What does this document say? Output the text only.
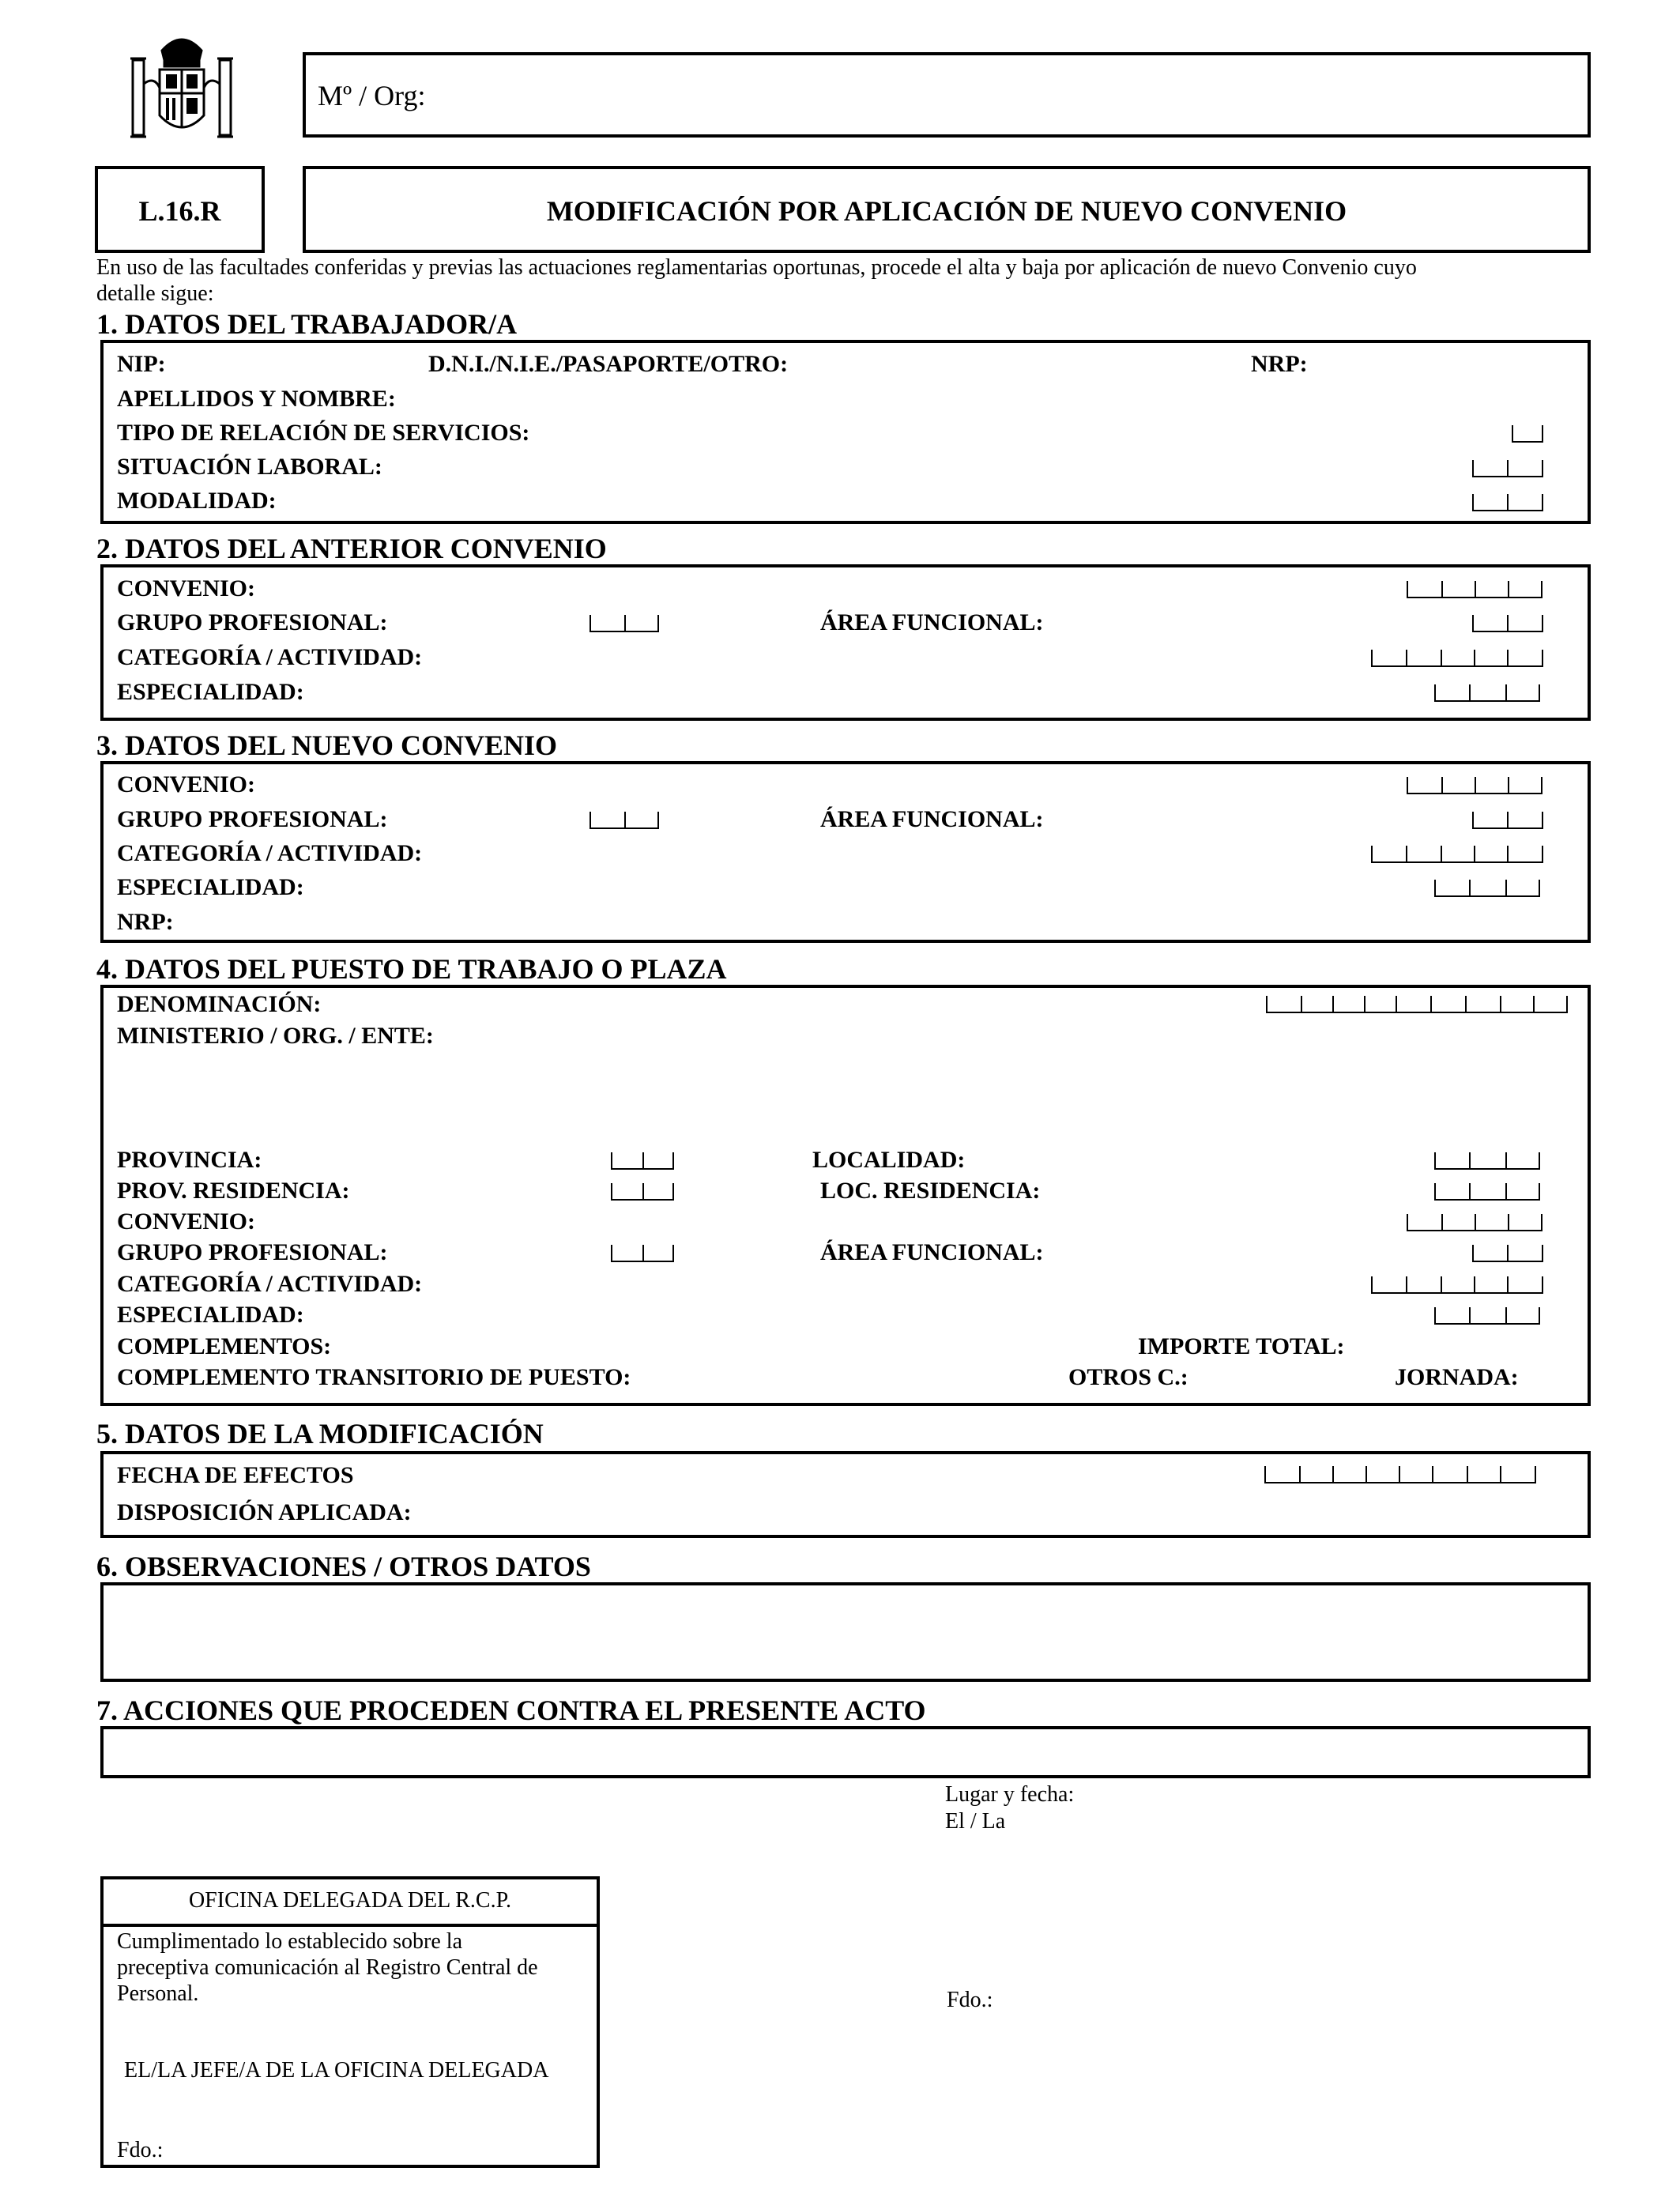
Mº / Org:
L.16.R	MODIFICACIÓN POR APLICACIÓN DE NUEVO CONVENIO
En uso de las facultades conferidas y previas las actuaciones reglamentarias oportunas, procede el alta y baja por aplicación de nuevo Convenio cuyo
detalle sigue:
1. DATOS DEL TRABAJADOR/A
NIP:	D.N.I./N.I.E./PASAPORTE/OTRO:	NRP:
APELLIDOS Y NOMBRE:
TIPO DE RELACIÓN DE SERVICIOS:
SITUACIÓN LABORAL:
MODALIDAD:
2. DATOS DEL ANTERIOR CONVENIO
CONVENIO:
GRUPO PROFESIONAL:	ÁREA FUNCIONAL:
CATEGORÍA / ACTIVIDAD:
ESPECIALIDAD:
3. DATOS DEL NUEVO CONVENIO
CONVENIO:
GRUPO PROFESIONAL:	ÁREA FUNCIONAL:
CATEGORÍA / ACTIVIDAD:
ESPECIALIDAD:
NRP:
4. DATOS DEL PUESTO DE TRABAJO O PLAZA
DENOMINACIÓN:
MINISTERIO / ORG. / ENTE:
PROVINCIA:	LOCALIDAD:
PROV. RESIDENCIA:	LOC. RESIDENCIA:
CONVENIO:
GRUPO PROFESIONAL:	ÁREA FUNCIONAL:
CATEGORÍA / ACTIVIDAD:
ESPECIALIDAD:
COMPLEMENTOS:	IMPORTE TOTAL:
COMPLEMENTO TRANSITORIO DE PUESTO:	OTROS C.:	JORNADA:
5. DATOS DE LA MODIFICACIÓN
FECHA DE EFECTOS
DISPOSICIÓN APLICADA:
6. OBSERVACIONES / OTROS DATOS
7. ACCIONES QUE PROCEDEN CONTRA EL PRESENTE ACTO
Lugar y fecha:
El / La
Fdo.:
OFICINA DELEGADA DEL R.C.P.
Cumplimentado lo establecido sobre la
preceptiva comunicación al Registro Central de
Personal.
EL/LA JEFE/A DE LA OFICINA DELEGADA
Fdo.:
